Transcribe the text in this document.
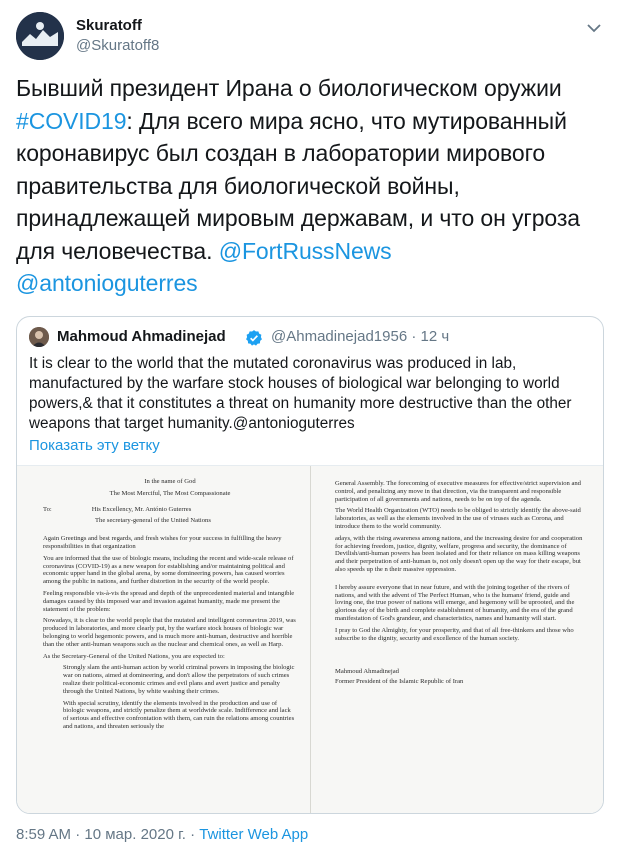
Skuratoff
@Skuratoff8
Бывший президент Ирана о биологическом оружии #COVID19: Для всего мира ясно, что мутированный коронавирус был создан в лаборатории мирового правительства для биологической войны, принадлежащей мировым державам, и что он угроза для человечества. @FortRussNews
@antonioguterres
Mahmoud Ahmadinejad	@Ahmadinejad1956 · 12 ч
It is clear to the world that the mutated coronavirus was produced in lab, manufactured by the warfare stock houses of biological war belonging to world powers,& that it constitutes a threat on humanity more destructive than the other weapons that target humanity.@antonioguterres
Показать эту ветку

In the name of God

The Most Merciful, The Most Compassionate

To:	His Excellency, Mr. António Guterres

The secretary-general of the United Nations

Again Greetings and best regards, and fresh wishes for your success in fulfilling the heavy responsibilities in that organization

You are informed that the use of biologic means, including the recent and wide-scale release of coronavirus (COVID-19) as a new weapon for establishing and/or maintaining political and economic upper hand in the global arena, by some domineering powers, has caused worries among the public in nations, and further distortion in the security of the world people.

Feeling responsible vis-à-vis the spread and depth of the unprecedented material and intangible damages caused by this imposed war and invasion against humanity, made me present the statement of the problem:

Nowadays, it is clear to the world people that the mutated and intelligent coronavirus 2019, was produced in laboratories, and more clearly put, by the warfare stock houses of biologic war belonging to world hegemonic powers, and is much more anti-human, destructive and horrible than the other anti-human weapons such as the nuclear and chemical ones, as well as Harp.

As the Secretary-General of the United Nations, you are expected to:

Strongly slam the anti-human action by world criminal powers in imposing the biologic war on nations, aimed at domineering, and don't allow the perpetrators of such crimes realize their political-economic crimes and evil plans and avert justice and penalty through the United Nations, by white washing their crimes.

With special scrutiny, identify the elements involved in the production and use of biologic weapons, and strictly penalize them at worldwide scale. Indifference and lack of serious and effective confrontation with them, can ruin the relations among countries and nations, and threaten seriously the

General Assembly. The forecoming of executive measures for effective/strict supervision and control, and penalizing any move in that direction, via the transparent and responsible participation of all governments and nations, needs to be on top of the agenda.

The World Health Organization (WTO) needs to be obliged to strictly identify the above-said laboratories, as well as the elements involved in the use of viruses such as Corona, and introduce them to the world community.

adays, with the rising awareness among nations, and the increasing desire for and cooperation for achieving freedom, justice, dignity, welfare, progress and security, the dominance of Devilish/anti-human powers has been isolated and for their reliance on mass killing weapons and their perpetration of anti-human ts, not only doesn't open up the way for their escape, but also speeds up the n their massive oppression.

I hereby assure everyone that in near future, and with the joining together of the rivers of nations, and with the advent of The Perfect Human, who is the humans' friend, guide and loving one, the true power of nations will emerge, and hegemony will be uprooted, and the glorious day of the birth and complete establishment of humanity, and the era of the grand manifestation of God's grandeur, and characteristics, names and humanity will start.

I pray to God the Almighty, for your prosperity, and that of all free-thinkers and those who subscribe to the dignity, security and excellence of the human society.

Mahmoud Ahmadinejad

Former President of the Islamic Republic of Iran

8:59 AM · 10 мар. 2020 г. · Twitter Web App
